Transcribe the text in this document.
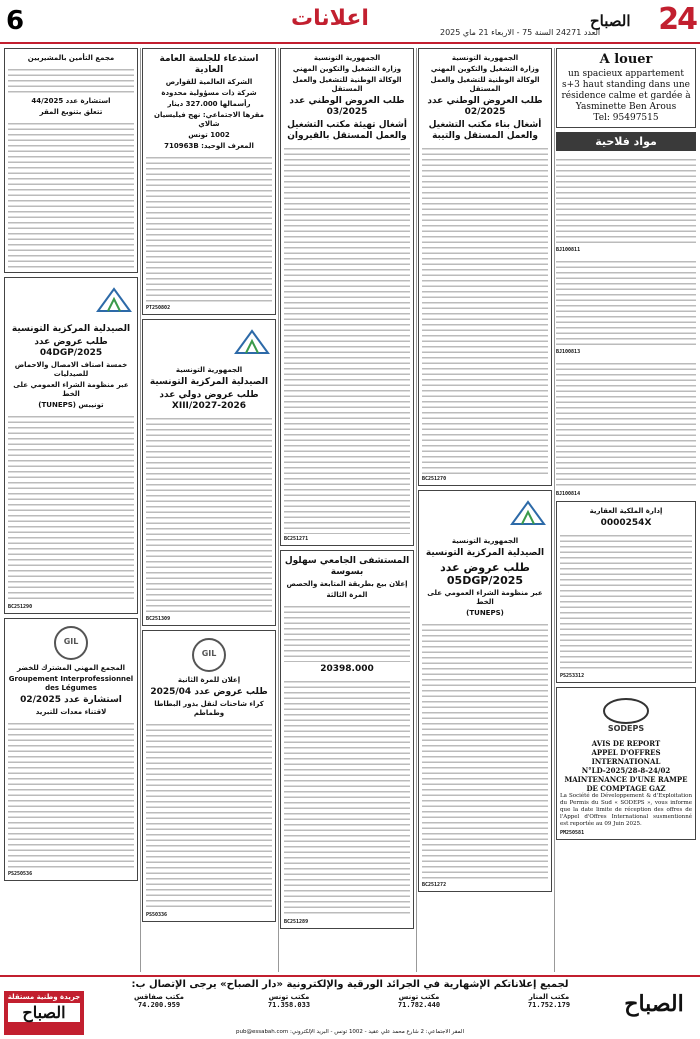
6	اعلانات
العدد 24271 السنة 75 - الاربعاء 21 ماي 2025 24
الصباح
الجمهورية التونسية
وزارة التشغيل والتكوين المهني
الوكالة الوطنية للتشغيل والعمل المستقل
طلب العروض الوطني عدد 02/2025
أشغال بناء مكتب التشغيل والعمل المستقل والتيبة
BC251270
الجمهورية التونسية
الصيدلية المركزية التونسية
طلب عروض عدد 05DGP/2025
عبر منظومة الشراء العمومي على الخط
(TUNEPS)
BC251272
الجمهورية التونسية
وزارة التشغيل والتكوين المهني
الوكالة الوطنية للتشغيل والعمل المستقل
طلب العروض الوطني عدد 03/2025
أشغال تهيئة مكتب التشغيل والعمل المستقل بالقيروان
BC251271
المستشفى الجامعي سهلول بسوسة
إعلان بيع بطريقة المتابعة والحصص
المرة الثالثة
20398.000
BC251289
استدعاء للجلسة العامة العادية
الشركة العالمية للقوارص
شركة ذات مسؤولية محدودة
رأسمالها 327.000 دينار
مقرها الاجتماعي: نهج فيليسيان شالاي
1002 تونس
المعرف الوحيد: 710963B
PT250802
الجمهورية التونسية
الصيدلية المركزية التونسية
طلب عروض دولي عدد 2026-XIII/2027
BC251309
GIL
إعلان للمرة الثانية
طلب عروض عدد 2025/04
كراء شاحنات لنقل بذور البطاطا وطماطم
PS50336
مجمع التأمين بالمشيريين
استشارة عدد 44/2025
تتعلق بتنويع المقر
الصيدلية المركزية التونسية
طلب عروض عدد 04DGP/2025
خمسة اصناف الامصال والاحماض للصيدليات
عبر منظومة الشراء العمومي على الخط
تونيبس (TUNEPS)
BC251290
GIL
المجمع المهني المشترك للخضر
Groupement Interprofessionnel des Légumes
استشارة عدد 02/2025
لاقتناء معدات للتبريد
PS250536
A louer
un spacieux appartement s+3 haut standing dans une résidence calme et gardée à Yasminette Ben Arous
Tel: 95497515
مواد فلاحية
BJ100811
BJ100813
BJ100814
إدارة الملكية العقارية
0000254X
PS253312
SODEPS
AVIS DE REPORT
APPEL D'OFFRES INTERNATIONAL
N°LD-2025/28-8-24/02
MAINTENANCE D'UNE RAMPE DE COMPTAGE GAZ
La Société de Développement & d'Exploitation du Permis du Sud « SODEPS », vous informe que la date limite de réception des offres de l'Appel d'Offres International susmentionné est reportée au 09 Juin 2025.
PM250581
جريدة وطنية مستقلة
الصباح
لجميع إعلاناتكم الإشهارية في الجرائد الورقية والإلكترونية «دار الصباح» يرجى الإتصال ب:
مكتب صفاقس
74.200.959
مكتب تونس
71.358.033
مكتب تونس
71.782.440
مكتب المنار
71.752.179	الصباح
المقر الاجتماعي: 2 شارع محمد علي عقيد - 1002 تونس - البريد الإلكتروني: pub@essabah.com
